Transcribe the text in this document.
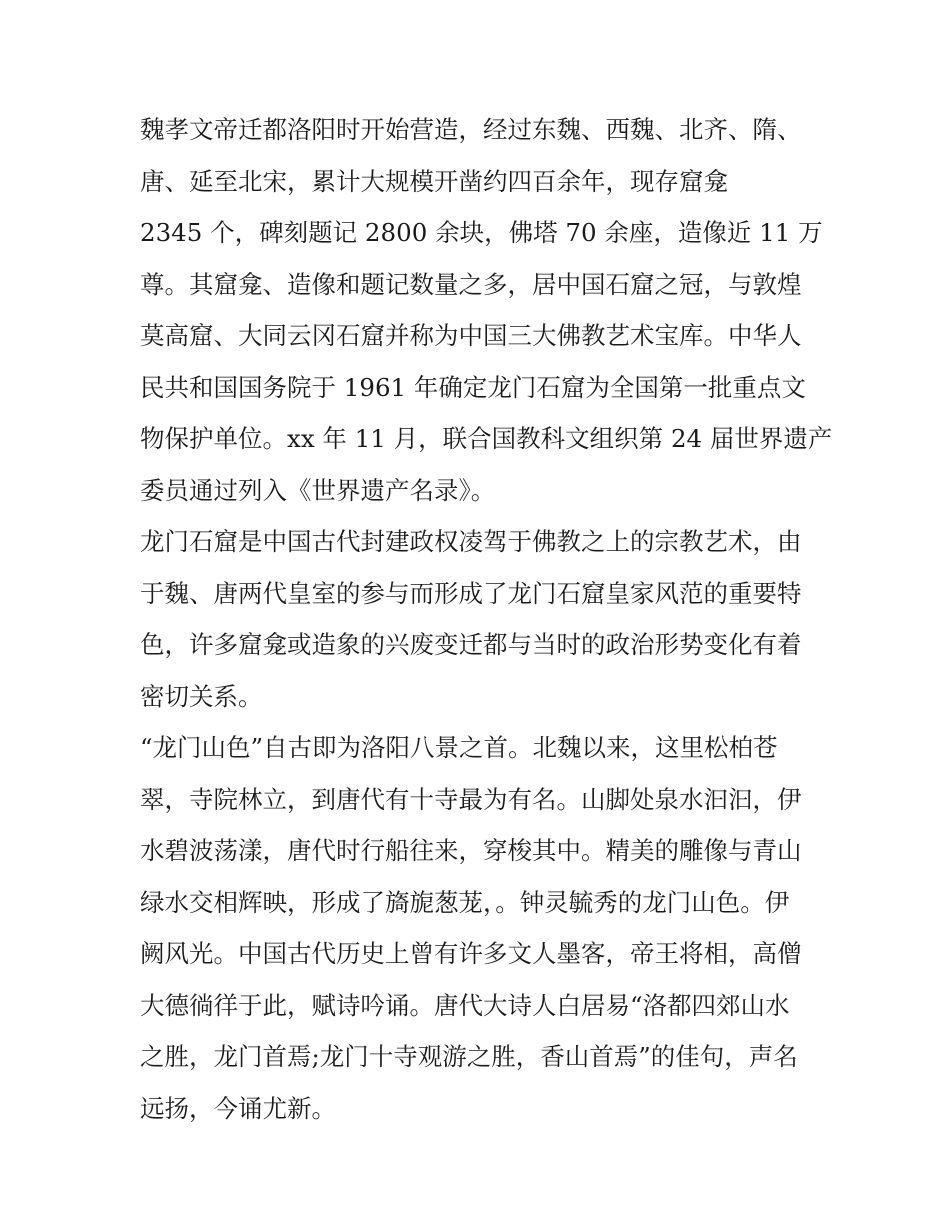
魏孝文帝迁都洛阳时开始营造，经过东魏、西魏、北齐、隋、
唐、延至北宋，累计大规模开凿约四百余年，现存窟龛
2345 个，碑刻题记 2800 余块，佛塔 70 余座，造像近 11 万
尊。其窟龛、造像和题记数量之多，居中国石窟之冠，与敦煌
莫高窟、大同云冈石窟并称为中国三大佛教艺术宝库。中华人
民共和国国务院于 1961 年确定龙门石窟为全国第一批重点文
物保护单位。xx 年 11 月，联合国教科文组织第 24 届世界遗产
委员通过列入《世界遗产名录》。

龙门石窟是中国古代封建政权凌驾于佛教之上的宗教艺术，由
于魏、唐两代皇室的参与而形成了龙门石窟皇家风范的重要特
色，许多窟龛或造象的兴废变迁都与当时的政治形势变化有着
密切关系。

“龙门山色”自古即为洛阳八景之首。北魏以来，这里松柏苍
翠，寺院林立，到唐代有十寺最为有名。山脚处泉水汩汩，伊
水碧波荡漾，唐代时行船往来，穿梭其中。精美的雕像与青山
绿水交相辉映，形成了旖旎葱茏，。钟灵毓秀的龙门山色。伊
阙风光。中国古代历史上曾有许多文人墨客，帝王将相，高僧
大德徜徉于此，赋诗吟诵。唐代大诗人白居易“洛都四郊山水
之胜，龙门首焉;龙门十寺观游之胜，香山首焉”的佳句，声名
远扬，今诵尤新。
